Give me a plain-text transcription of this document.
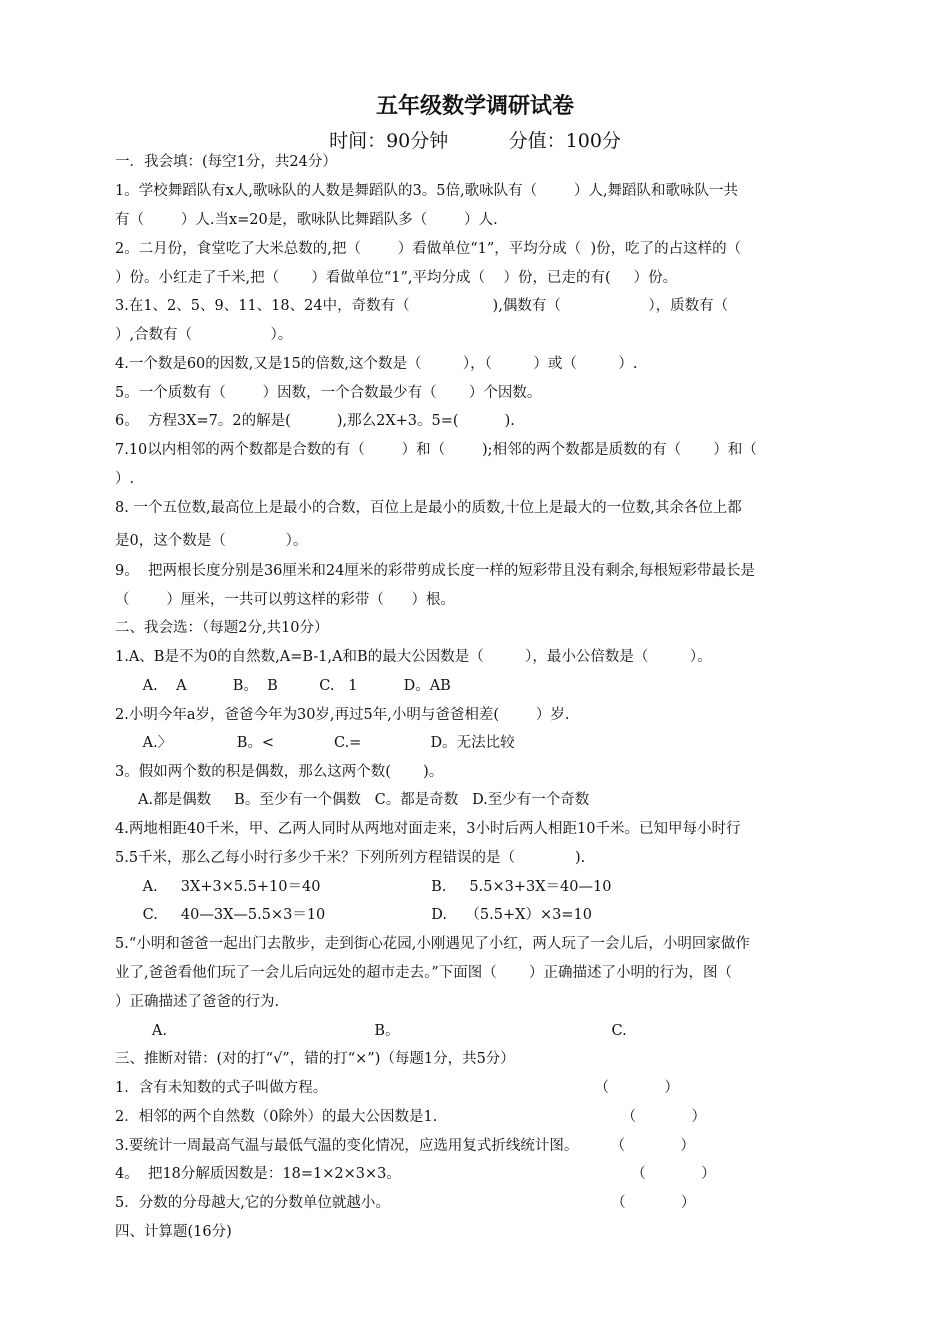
五年级数学调研试卷
时间：90分钟          分值：100分
一．我会填：(每空1分，共24分）
1。学校舞蹈队有x人,歌咏队的人数是舞蹈队的3。5倍,歌咏队有（        ）人,舞蹈队和歌咏队一共
有（        ）人.当x=20是，歌咏队比舞蹈队多（        ）人.
2。二月份，食堂吃了大米总数的,把（        ）看做单位“1”，平均分成（  )份，吃了的占这样的（
）份。小红走了千米,把（       ）看做单位“1”,平均分成（    ）份，已走的有(     ）份。
3.在1、2、5、9、11、18、24中，奇数有（                  ),偶数有（                   ），质数有（
）,合数有（                 ）。
4.一个数是60的因数,又是15的倍数,这个数是（         ），（         ）或（         ）.
5。一个质数有（        ）因数，一个合数最少有（       ）个因数。
6。  方程3X=7。2的解是(          ),那么2X+3。5=(          ).
7.10以内相邻的两个数都是合数的有（        ）和（        );相邻的两个数都是质数的有（       ）和（
）.
8. 一个五位数,最高位上是最小的合数，百位上是最小的质数,十位上是最大的一位数,其余各位上都
是0，这个数是（             ）。
9。  把两根长度分别是36厘米和24厘米的彩带剪成长度一样的短彩带且没有剩余,每根短彩带最长是
（        ）厘米，一共可以剪这样的彩带（      ）根。
二、我会选：（每题2分,共10分）
1.A、B是不为0的自然数,A=B-1,A和B的最大公因数是（         ），最小公倍数是（         ）。
A.    A          B。  B         C.   1          D。AB
2.小明今年a岁，爸爸今年为30岁,再过5年,小明与爸爸相差(        ）岁.
A.〉              B。<             C.=               D。无法比较
3。假如两个数的积是偶数，那么这两个数(       )。
A.都是偶数     B。至少有一个偶数   C。都是奇数   D.至少有一个奇数
4.两地相距40千米，甲、乙两人同时从两地对面走来，3小时后两人相距10千米。已知甲每小时行
5.5千米，那么乙每小时行多少千米？下列所列方程错误的是（             ).
A.     3X+3×5.5+10＝40                        B.     5.5×3+3X＝40—10
C.     40—3X—5.5×3＝10                       D.    （5.5+X）×3=10
5.“小明和爸爸一起出门去散步，走到街心花园,小刚遇见了小红，两人玩了一会儿后，小明回家做作
业了,爸爸看他们玩了一会儿后向远处的超市走去。”下面图（       ）正确描述了小明的行为，图（
）正确描述了爸爸的行为.
A.                                             B。                                              C.
三、推断对错：(对的打“√”，错的打“×”)（每题1分，共5分）
1．含有未知数的式子叫做方程。                                                          （            ）
2．相邻的两个自然数（0除外）的最大公因数是1.                                        （            ）
3.要统计一周最高气温与最低气温的变化情况，应选用复式折线统计图。       （            ）
4。  把18分解质因数是：18=1×2×3×3。                                                  （            ）
5．分数的分母越大,它的分数单位就越小。                                                （            ）
四、计算题(16分)
